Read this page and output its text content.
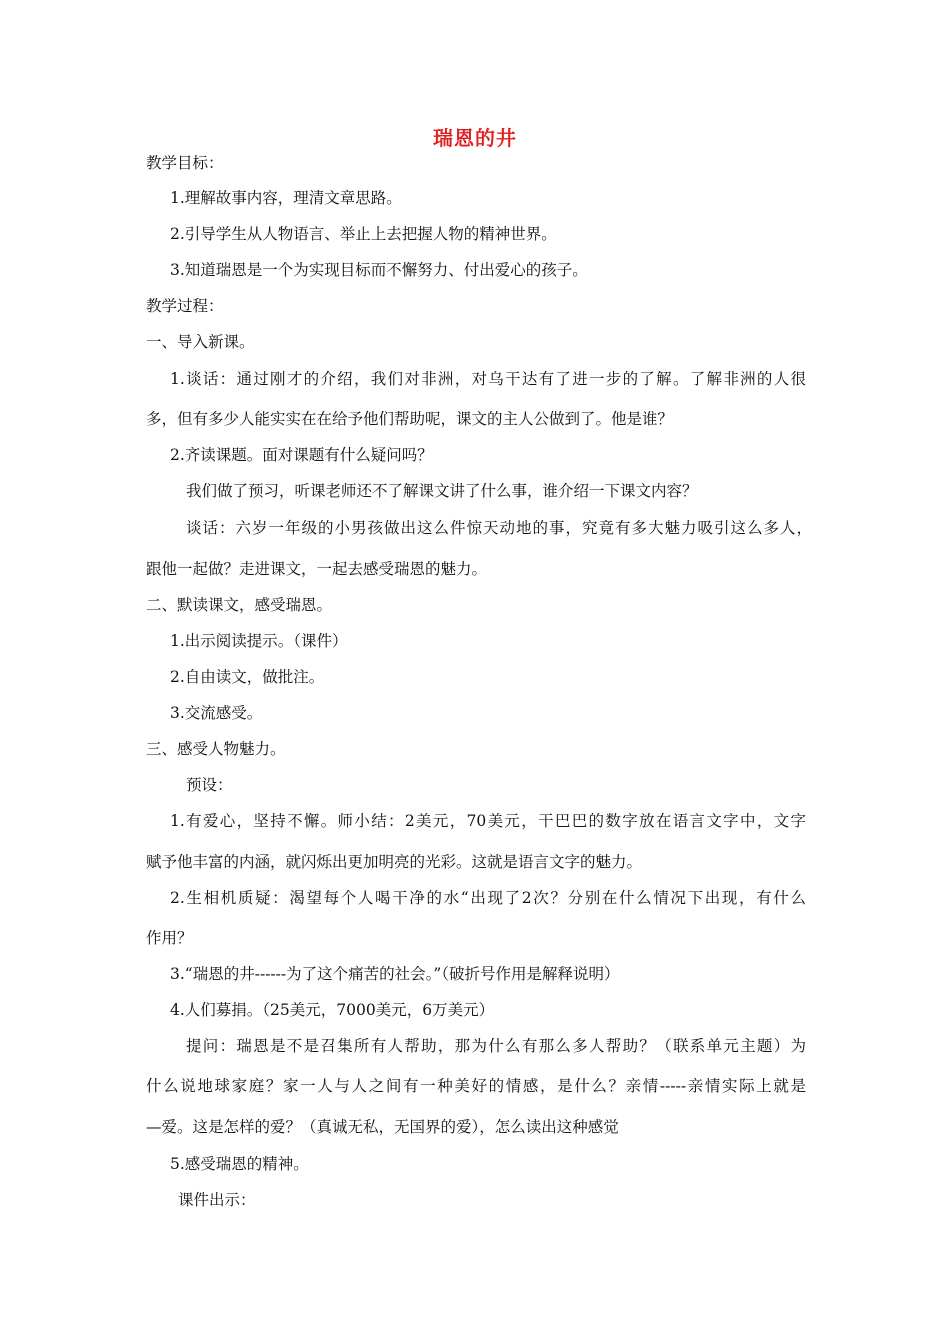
瑞恩的井
教学目标：
1.理解故事内容，理清文章思路。
2.引导学生从人物语言、举止上去把握人物的精神世界。
3.知道瑞恩是一个为实现目标而不懈努力、付出爱心的孩子。
教学过程：
一、导入新课。
1.谈话：通过刚才的介绍，我们对非洲，对乌干达有了进一步的了解。了解非洲的人很
多，但有多少人能实实在在给予他们帮助呢，课文的主人公做到了。他是谁？
2.齐读课题。面对课题有什么疑问吗？
我们做了预习，听课老师还不了解课文讲了什么事，谁介绍一下课文内容？
谈话：六岁一年级的小男孩做出这么件惊天动地的事，究竟有多大魅力吸引这么多人，
跟他一起做？走进课文，一起去感受瑞恩的魅力。
二、默读课文，感受瑞恩。
1.出示阅读提示。（课件）
2.自由读文，做批注。
3.交流感受。
三、感受人物魅力。
预设：
1.有爱心，坚持不懈。师小结：2美元，70美元，干巴巴的数字放在语言文字中，文字
赋予他丰富的内涵，就闪烁出更加明亮的光彩。这就是语言文字的魅力。
2.生相机质疑：渴望每个人喝干净的水“出现了2次？分别在什么情况下出现，有什么
作用？
3.“瑞恩的井------为了这个痛苦的社会。”（破折号作用是解释说明）
4.人们募捐。（25美元，7000美元，6万美元）
提问：瑞恩是不是召集所有人帮助，那为什么有那么多人帮助？（联系单元主题）为
什么说地球家庭？家一人与人之间有一种美好的情感，是什么？亲情-----亲情实际上就是
—爱。这是怎样的爱？（真诚无私，无国界的爱），怎么读出这种感觉
5.感受瑞恩的精神。
课件出示：
